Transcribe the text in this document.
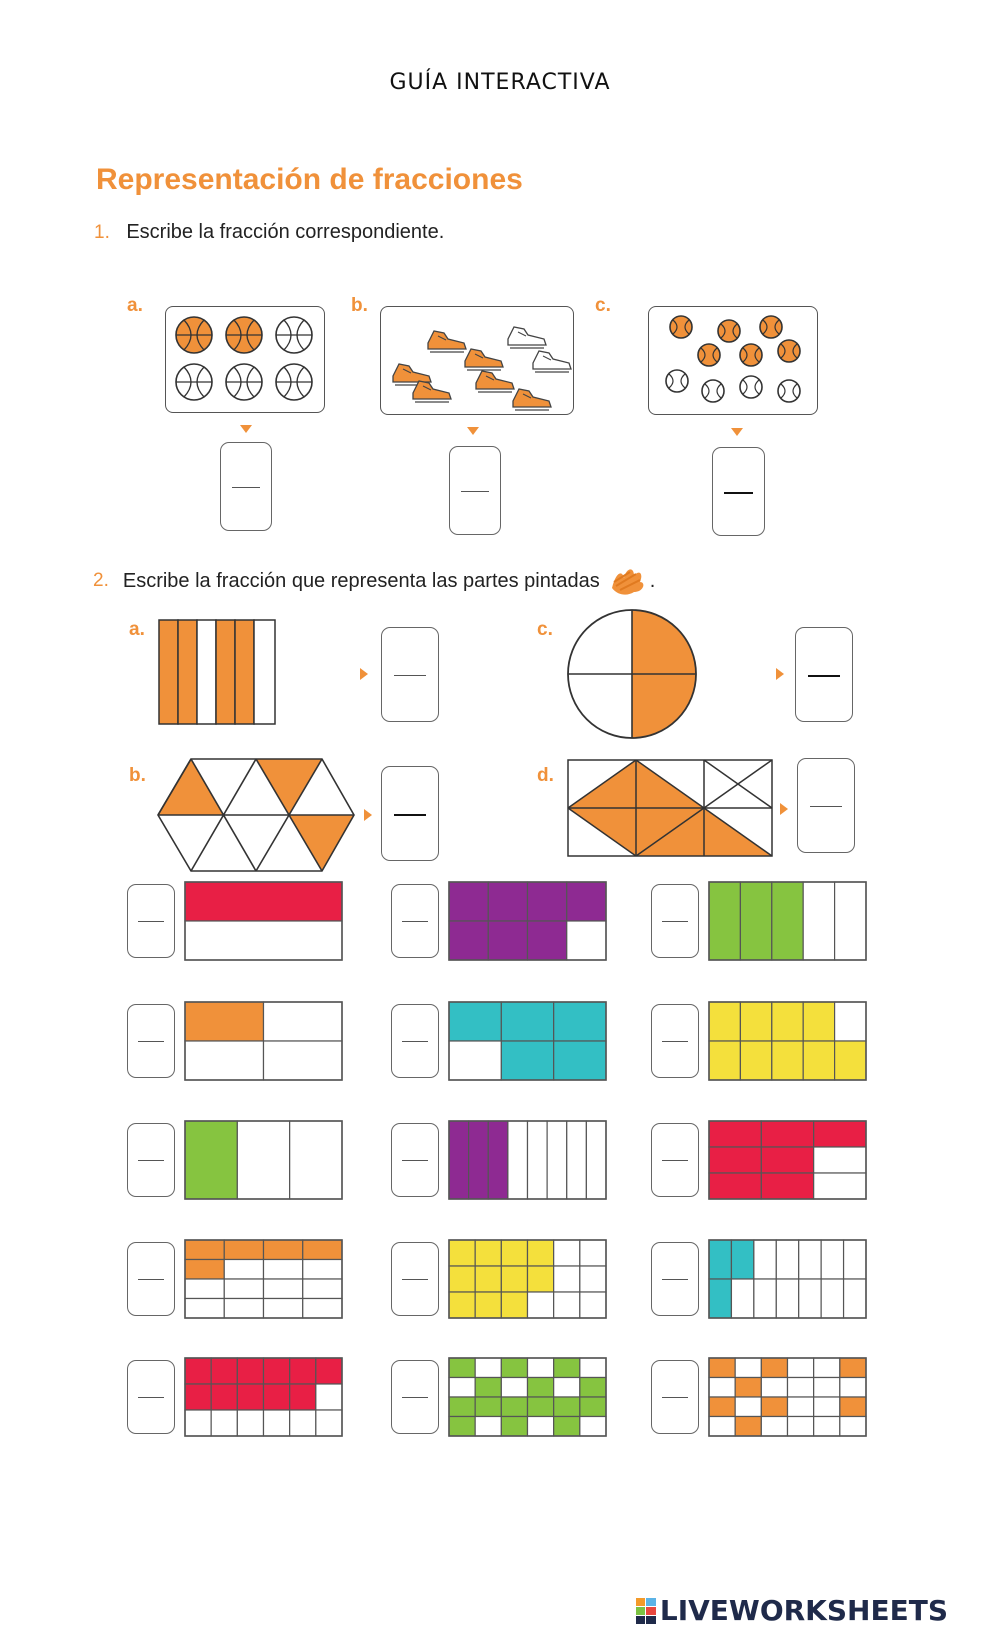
GUÍA INTERACTIVA
Representación de fracciones
1. Escribe la fracción correspondiente.
a.	b.	c.
2. Escribe la fracción que representa las partes pintadas	.
a.
b.
c.
d.
LIVEWORKSHEETS
